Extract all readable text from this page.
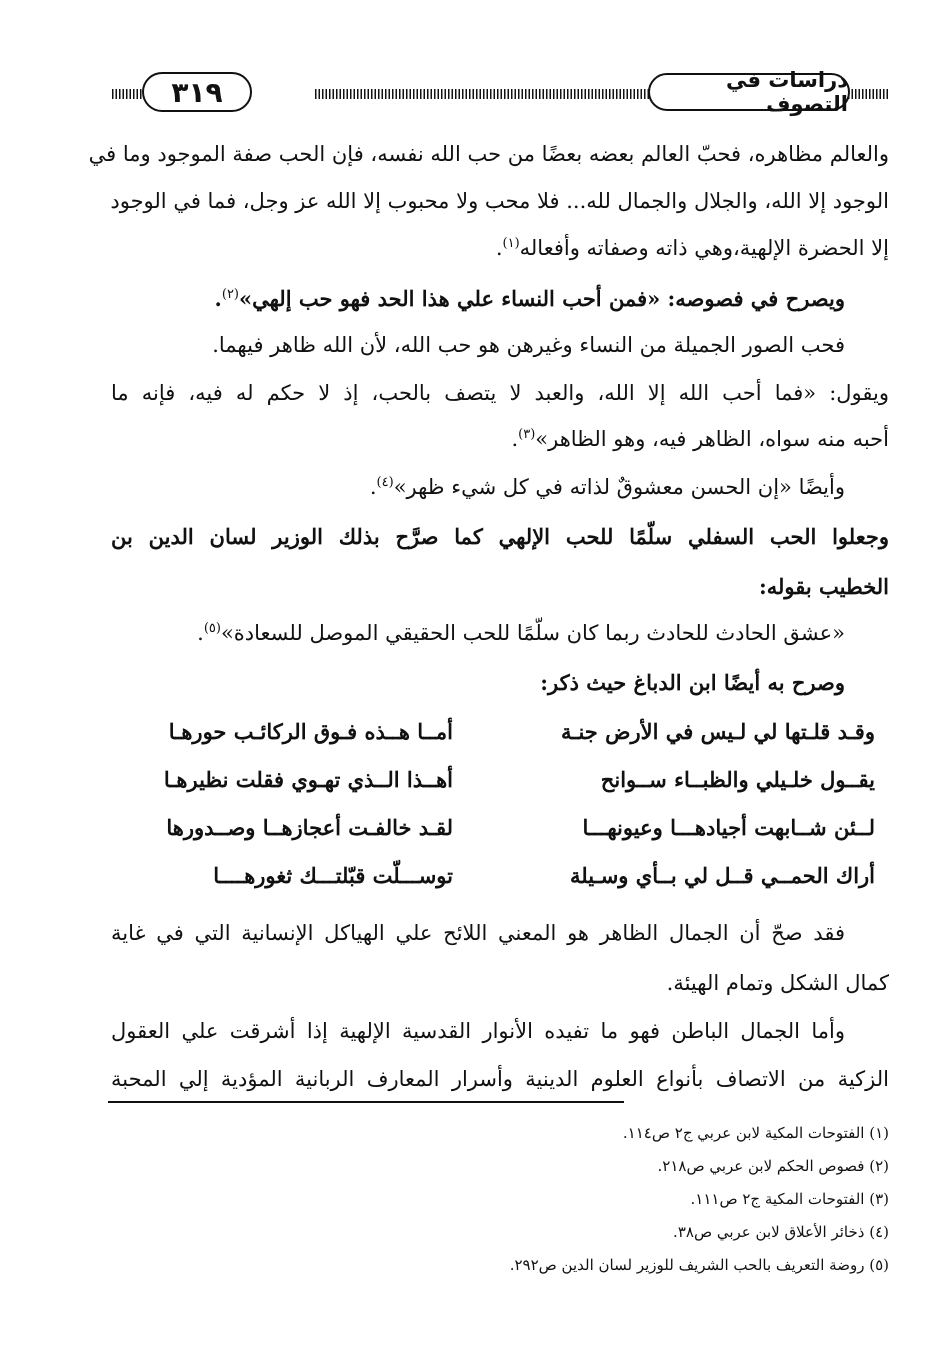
دراسات في التصوف
٣١٩
والعالم مظاهره، فحبّ العالم بعضه بعضًا من حب الله نفسه، فإن الحب صفة الموجود وما في
الوجود إلا الله، والجلال والجمال لله... فلا محب ولا محبوب إلا الله عز وجل، فما في الوجود
إلا الحضرة الإلهية،وهي ذاته وصفاته وأفعاله$^{(١)}$.
ويصرح في فصوصه: «فمن أحب النساء علي هذا الحد فهو حب إلهي»$^{(٢)}$.
فحب الصور الجميلة من النساء وغيرهن هو حب الله، لأن الله ظاهر فيهما.
ويقول: «فما أحب الله إلا الله، والعبد لا يتصف بالحب، إذ لا حكم له فيه، فإنه ما
أحبه منه سواه، الظاهر فيه، وهو الظاهر»$^{(٣)}$.
وأيضًا «إن الحسن معشوقٌ لذاته في كل شيء ظهر»$^{(٤)}$.
وجعلوا الحب السفلي سلّمًا للحب الإلهي كما صرَّح بذلك الوزير لسان الدين بن
الخطيب بقوله:
«عشق الحادث للحادث ربما كان سلّمًا للحب الحقيقي الموصل للسعادة»$^{(٥)}$.
وصرح به أيضًا ابن الدباغ حيث ذكر:
وقـد قلـتها لي لـيس في الأرض جنـة
أمــا هــذه فـوق الركائـب حورهـا
يقــول خلـيلي والظبــاء ســوانح
أهــذا الــذي تهـوي فقلت نظيرهـا
لــئن شــابهت أجيادهـــا وعيونهـــا
لقـد خالفـت أعجازهــا وصــدورها
أراك الحمــي قــل لي بــأي وسـيلة
توســـلّت قبّلتـــك ثغورهــــا
فقد صحّ أن الجمال الظاهر هو المعني اللائح علي الهياكل الإنسانية التي في غاية
كمال الشكل وتمام الهيئة.
وأما الجمال الباطن فهو ما تفيده الأنوار القدسية الإلهية إذا أشرقت علي العقول
الزكية من الاتصاف بأنواع العلوم الدينية وأسرار المعارف الربانية المؤدية إلي المحبة
(١) الفتوحات المكية لابن عربي ج٢ ص١١٤.
(٢) فصوص الحكم لابن عربي ص٢١٨.
(٣) الفتوحات المكية ج٢ ص١١١.
(٤) ذخائر الأعلاق لابن عربي ص٣٨.
(٥) روضة التعريف بالحب الشريف للوزير لسان الدين ص٢٩٢.
